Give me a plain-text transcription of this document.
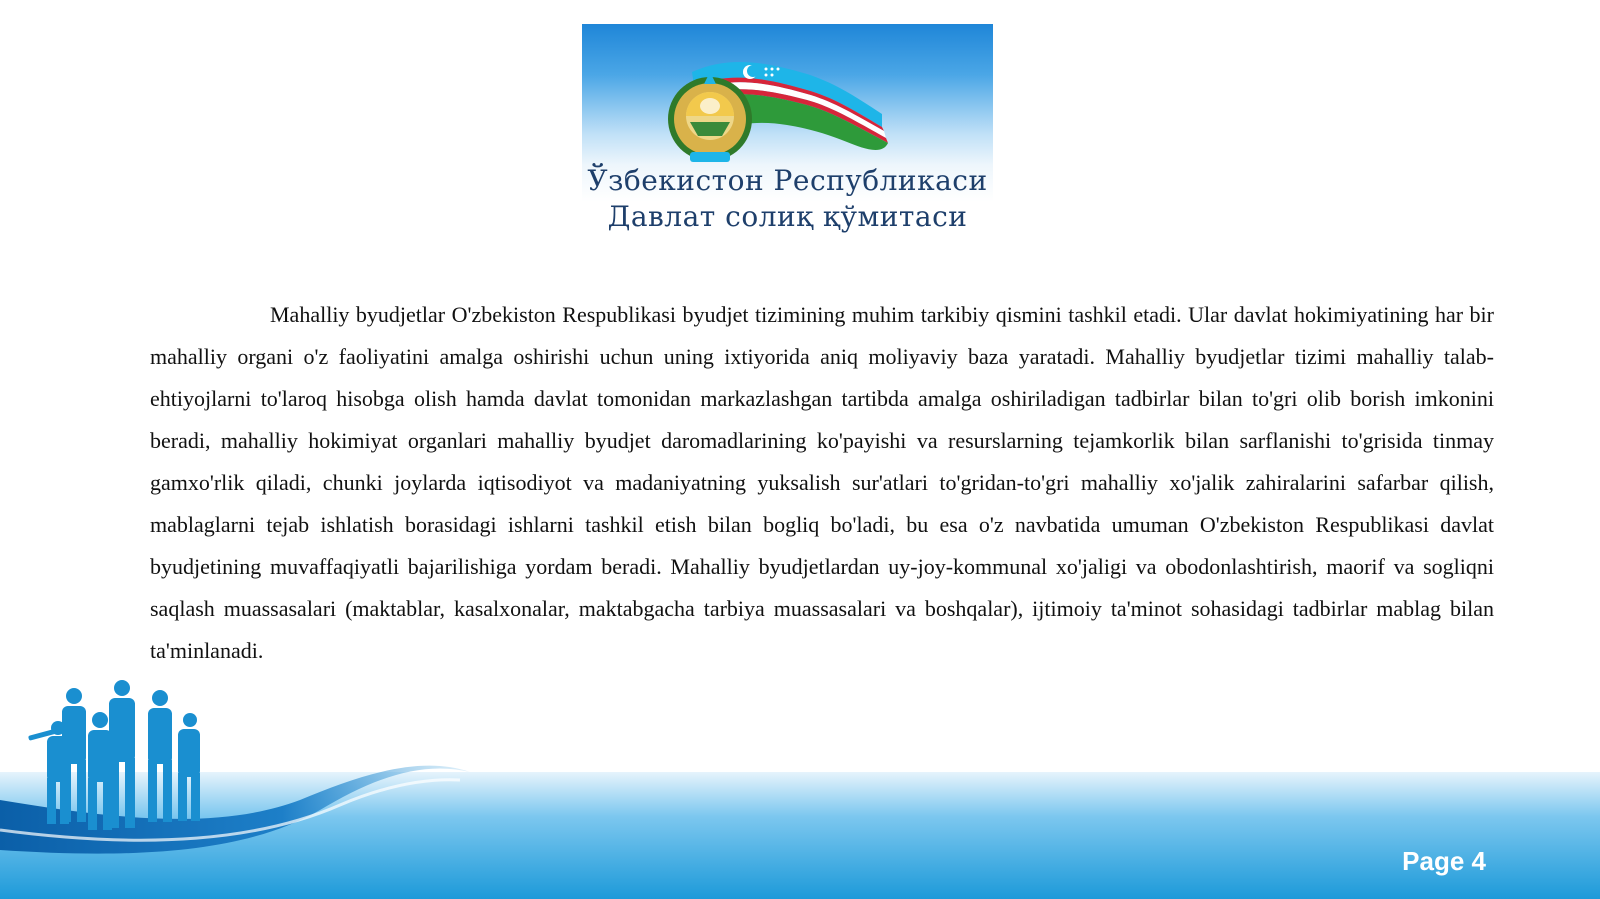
Ўзбекистон Республикаси
Давлат солиқ қўмитаси

Mahalliy byudjetlar O'zbekiston Respublikasi byudjet tizimining muhim tarkibiy qismini tashkil etadi. Ular davlat hokimiyatining har bir mahalliy organi o'z faoliyatini amalga oshirishi uchun uning ixtiyorida aniq moliyaviy baza yaratadi. Mahalliy byudjetlar tizimi mahalliy talab-ehtiyojlarni to'laroq hisobga olish hamda davlat tomonidan markazlashgan tartibda amalga oshiriladigan tadbirlar bilan to'gri olib borish imkonini beradi, mahalliy hokimiyat organlari mahalliy byudjet daromadlarining ko'payishi va resurslarning tejamkorlik bilan sarflanishi to'grisida tinmay gamxo'rlik qiladi, chunki joylarda iqtisodiyot va madaniyatning yuksalish sur'atlari to'gridan-to'gri mahalliy xo'jalik zahiralarini safarbar qilish, mablaglarni tejab ishlatish borasidagi ishlarni tashkil etish bilan bogliq bo'ladi, bu esa o'z navbatida umuman O'zbekiston Respublikasi davlat byudjetining muvaffaqiyatli bajarilishiga yordam beradi. Mahalliy byudjetlardan uy-joy-kommunal xo'jaligi va obodonlashtirish, maorif va sogliqni saqlash muassasalari (maktablar, kasalxonalar, maktabgacha tarbiya muassasalari va boshqalar), ijtimoiy ta'minot sohasidagi tadbirlar mablag bilan ta'minlanadi.

Page 4
